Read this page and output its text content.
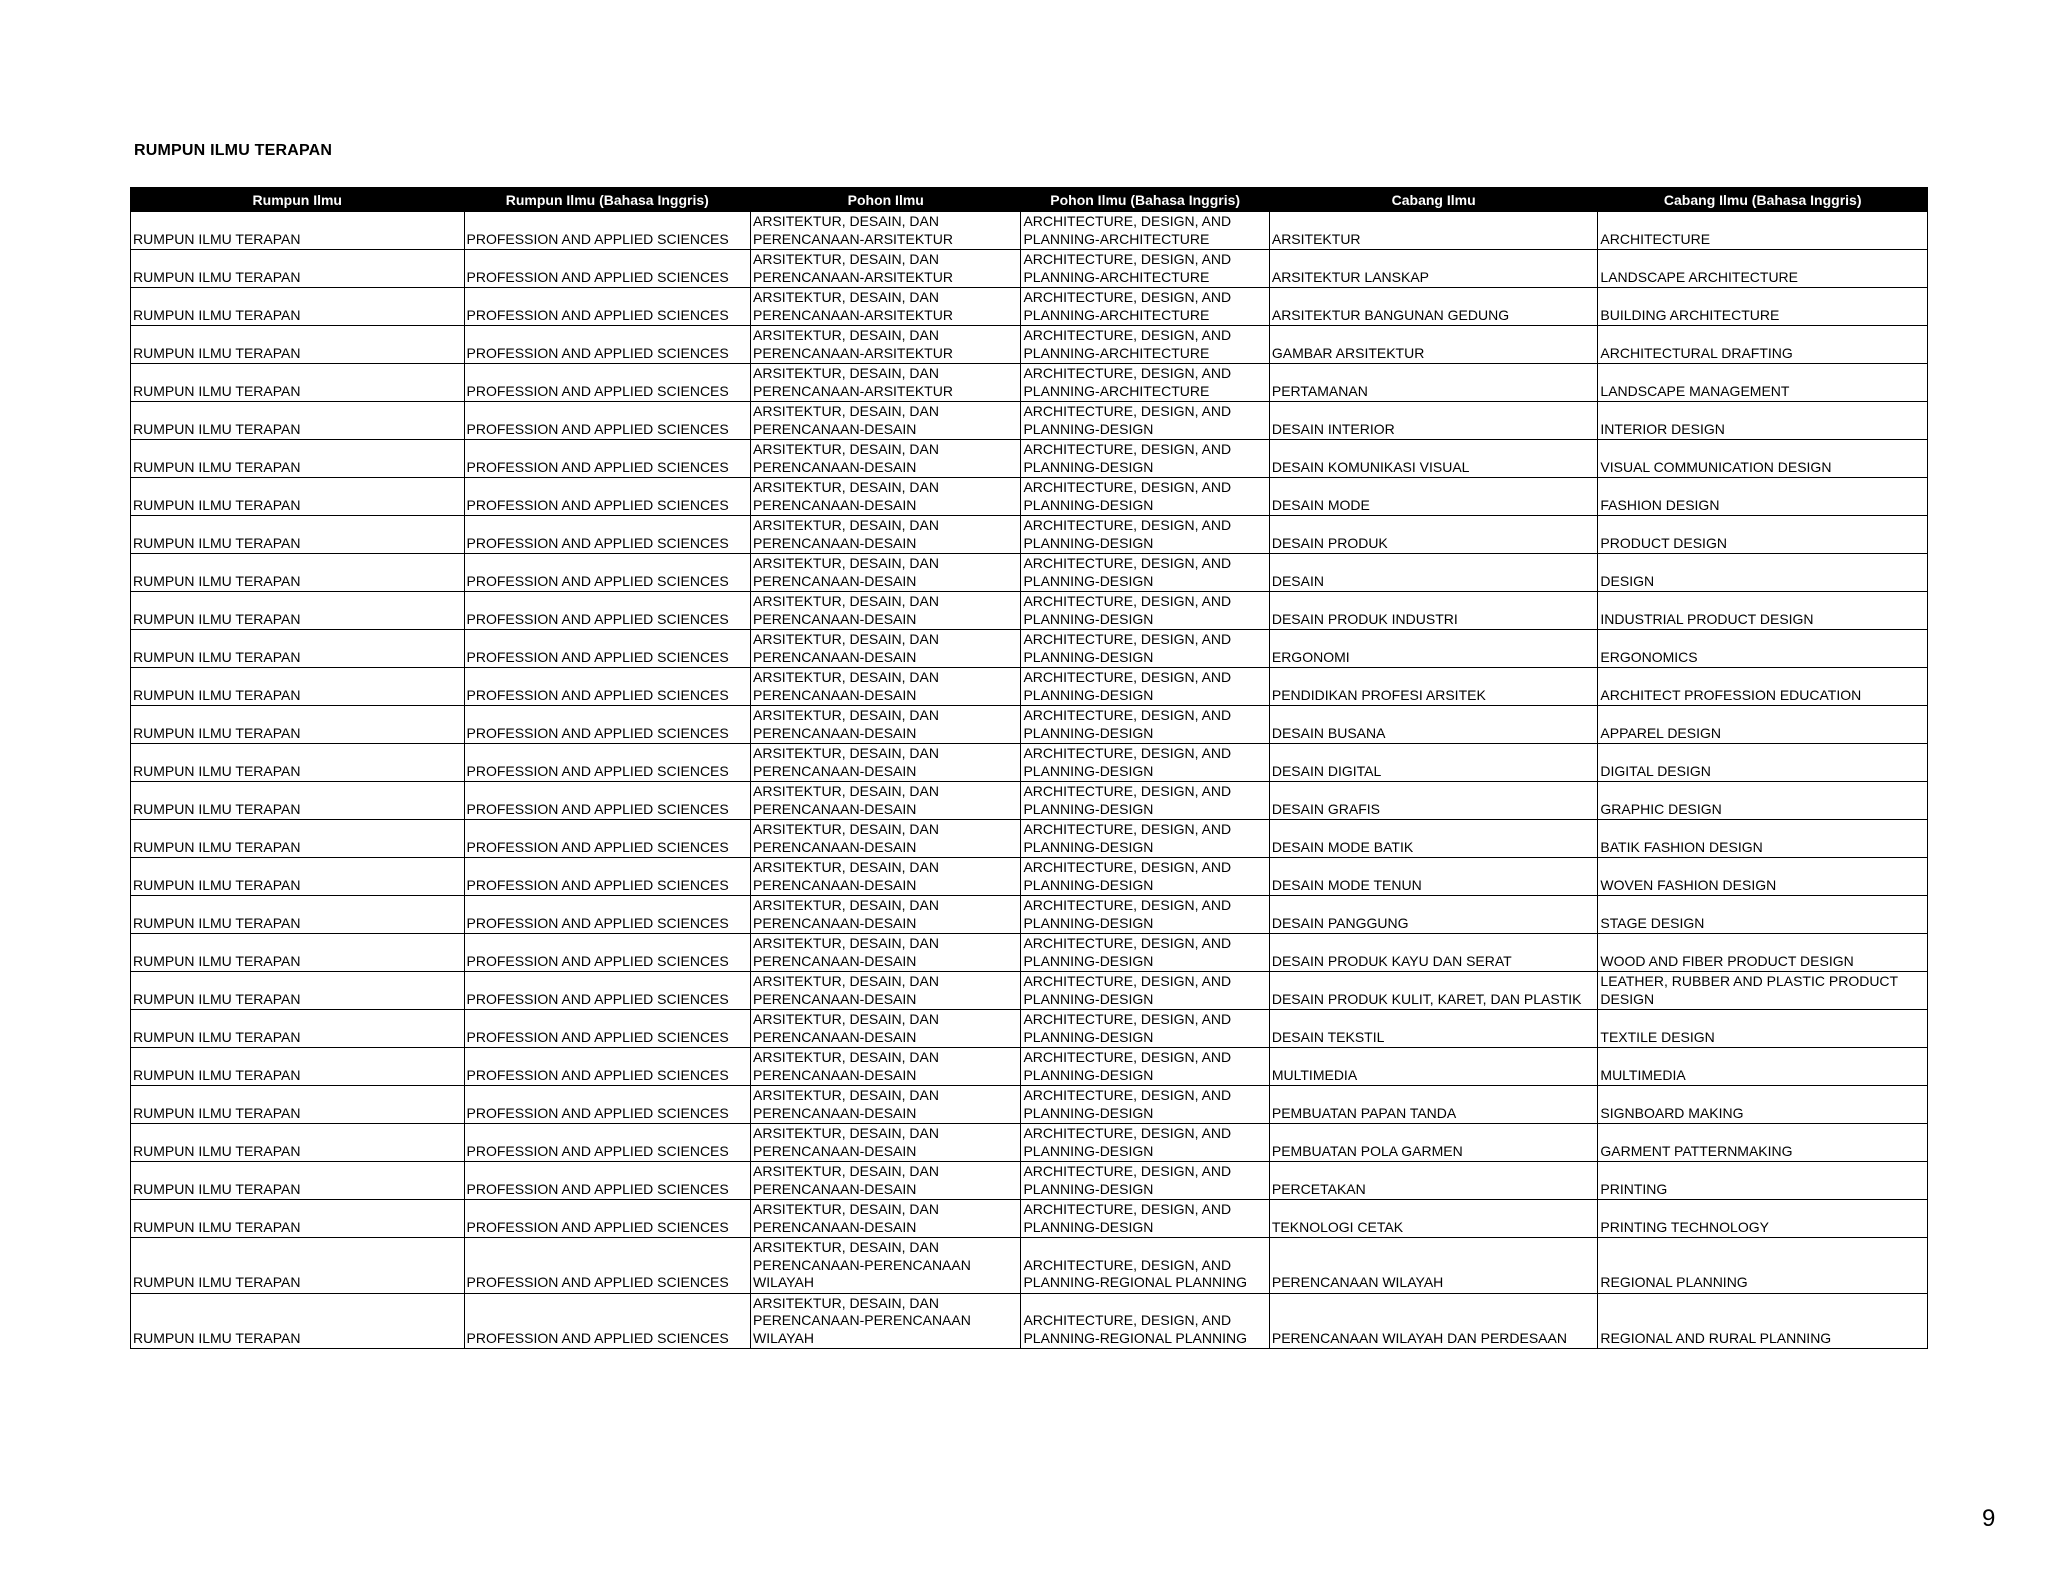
RUMPUN ILMU TERAPAN
Rumpun Ilmu	Rumpun Ilmu (Bahasa Inggris)	Pohon Ilmu	Pohon Ilmu (Bahasa Inggris)	Cabang Ilmu	Cabang Ilmu (Bahasa Inggris)
RUMPUN ILMU TERAPAN	PROFESSION AND APPLIED SCIENCES	ARSITEKTUR, DESAIN, DAN PERENCANAAN-ARSITEKTUR	ARCHITECTURE, DESIGN, AND PLANNING-ARCHITECTURE	ARSITEKTUR	ARCHITECTURE
RUMPUN ILMU TERAPAN	PROFESSION AND APPLIED SCIENCES	ARSITEKTUR, DESAIN, DAN PERENCANAAN-ARSITEKTUR	ARCHITECTURE, DESIGN, AND PLANNING-ARCHITECTURE	ARSITEKTUR LANSKAP	LANDSCAPE ARCHITECTURE
RUMPUN ILMU TERAPAN	PROFESSION AND APPLIED SCIENCES	ARSITEKTUR, DESAIN, DAN PERENCANAAN-ARSITEKTUR	ARCHITECTURE, DESIGN, AND PLANNING-ARCHITECTURE	ARSITEKTUR BANGUNAN GEDUNG	BUILDING ARCHITECTURE
RUMPUN ILMU TERAPAN	PROFESSION AND APPLIED SCIENCES	ARSITEKTUR, DESAIN, DAN PERENCANAAN-ARSITEKTUR	ARCHITECTURE, DESIGN, AND PLANNING-ARCHITECTURE	GAMBAR ARSITEKTUR	ARCHITECTURAL DRAFTING
RUMPUN ILMU TERAPAN	PROFESSION AND APPLIED SCIENCES	ARSITEKTUR, DESAIN, DAN PERENCANAAN-ARSITEKTUR	ARCHITECTURE, DESIGN, AND PLANNING-ARCHITECTURE	PERTAMANAN	LANDSCAPE MANAGEMENT
RUMPUN ILMU TERAPAN	PROFESSION AND APPLIED SCIENCES	ARSITEKTUR, DESAIN, DAN PERENCANAAN-DESAIN	ARCHITECTURE, DESIGN, AND PLANNING-DESIGN	DESAIN INTERIOR	INTERIOR DESIGN
RUMPUN ILMU TERAPAN	PROFESSION AND APPLIED SCIENCES	ARSITEKTUR, DESAIN, DAN PERENCANAAN-DESAIN	ARCHITECTURE, DESIGN, AND PLANNING-DESIGN	DESAIN KOMUNIKASI VISUAL	VISUAL COMMUNICATION DESIGN
RUMPUN ILMU TERAPAN	PROFESSION AND APPLIED SCIENCES	ARSITEKTUR, DESAIN, DAN PERENCANAAN-DESAIN	ARCHITECTURE, DESIGN, AND PLANNING-DESIGN	DESAIN MODE	FASHION DESIGN
RUMPUN ILMU TERAPAN	PROFESSION AND APPLIED SCIENCES	ARSITEKTUR, DESAIN, DAN PERENCANAAN-DESAIN	ARCHITECTURE, DESIGN, AND PLANNING-DESIGN	DESAIN PRODUK	PRODUCT DESIGN
RUMPUN ILMU TERAPAN	PROFESSION AND APPLIED SCIENCES	ARSITEKTUR, DESAIN, DAN PERENCANAAN-DESAIN	ARCHITECTURE, DESIGN, AND PLANNING-DESIGN	DESAIN	DESIGN
RUMPUN ILMU TERAPAN	PROFESSION AND APPLIED SCIENCES	ARSITEKTUR, DESAIN, DAN PERENCANAAN-DESAIN	ARCHITECTURE, DESIGN, AND PLANNING-DESIGN	DESAIN PRODUK INDUSTRI	INDUSTRIAL PRODUCT DESIGN
RUMPUN ILMU TERAPAN	PROFESSION AND APPLIED SCIENCES	ARSITEKTUR, DESAIN, DAN PERENCANAAN-DESAIN	ARCHITECTURE, DESIGN, AND PLANNING-DESIGN	ERGONOMI	ERGONOMICS
RUMPUN ILMU TERAPAN	PROFESSION AND APPLIED SCIENCES	ARSITEKTUR, DESAIN, DAN PERENCANAAN-DESAIN	ARCHITECTURE, DESIGN, AND PLANNING-DESIGN	PENDIDIKAN PROFESI ARSITEK	ARCHITECT PROFESSION EDUCATION
RUMPUN ILMU TERAPAN	PROFESSION AND APPLIED SCIENCES	ARSITEKTUR, DESAIN, DAN PERENCANAAN-DESAIN	ARCHITECTURE, DESIGN, AND PLANNING-DESIGN	DESAIN BUSANA	APPAREL DESIGN
RUMPUN ILMU TERAPAN	PROFESSION AND APPLIED SCIENCES	ARSITEKTUR, DESAIN, DAN PERENCANAAN-DESAIN	ARCHITECTURE, DESIGN, AND PLANNING-DESIGN	DESAIN DIGITAL	DIGITAL DESIGN
RUMPUN ILMU TERAPAN	PROFESSION AND APPLIED SCIENCES	ARSITEKTUR, DESAIN, DAN PERENCANAAN-DESAIN	ARCHITECTURE, DESIGN, AND PLANNING-DESIGN	DESAIN GRAFIS	GRAPHIC DESIGN
RUMPUN ILMU TERAPAN	PROFESSION AND APPLIED SCIENCES	ARSITEKTUR, DESAIN, DAN PERENCANAAN-DESAIN	ARCHITECTURE, DESIGN, AND PLANNING-DESIGN	DESAIN MODE BATIK	BATIK FASHION DESIGN
RUMPUN ILMU TERAPAN	PROFESSION AND APPLIED SCIENCES	ARSITEKTUR, DESAIN, DAN PERENCANAAN-DESAIN	ARCHITECTURE, DESIGN, AND PLANNING-DESIGN	DESAIN MODE TENUN	WOVEN FASHION DESIGN
RUMPUN ILMU TERAPAN	PROFESSION AND APPLIED SCIENCES	ARSITEKTUR, DESAIN, DAN PERENCANAAN-DESAIN	ARCHITECTURE, DESIGN, AND PLANNING-DESIGN	DESAIN PANGGUNG	STAGE DESIGN
RUMPUN ILMU TERAPAN	PROFESSION AND APPLIED SCIENCES	ARSITEKTUR, DESAIN, DAN PERENCANAAN-DESAIN	ARCHITECTURE, DESIGN, AND PLANNING-DESIGN	DESAIN PRODUK KAYU DAN SERAT	WOOD AND FIBER PRODUCT DESIGN
RUMPUN ILMU TERAPAN	PROFESSION AND APPLIED SCIENCES	ARSITEKTUR, DESAIN, DAN PERENCANAAN-DESAIN	ARCHITECTURE, DESIGN, AND PLANNING-DESIGN	DESAIN PRODUK KULIT, KARET, DAN PLASTIK	LEATHER, RUBBER AND PLASTIC PRODUCT DESIGN
RUMPUN ILMU TERAPAN	PROFESSION AND APPLIED SCIENCES	ARSITEKTUR, DESAIN, DAN PERENCANAAN-DESAIN	ARCHITECTURE, DESIGN, AND PLANNING-DESIGN	DESAIN TEKSTIL	TEXTILE DESIGN
RUMPUN ILMU TERAPAN	PROFESSION AND APPLIED SCIENCES	ARSITEKTUR, DESAIN, DAN PERENCANAAN-DESAIN	ARCHITECTURE, DESIGN, AND PLANNING-DESIGN	MULTIMEDIA	MULTIMEDIA
RUMPUN ILMU TERAPAN	PROFESSION AND APPLIED SCIENCES	ARSITEKTUR, DESAIN, DAN PERENCANAAN-DESAIN	ARCHITECTURE, DESIGN, AND PLANNING-DESIGN	PEMBUATAN PAPAN TANDA	SIGNBOARD MAKING
RUMPUN ILMU TERAPAN	PROFESSION AND APPLIED SCIENCES	ARSITEKTUR, DESAIN, DAN PERENCANAAN-DESAIN	ARCHITECTURE, DESIGN, AND PLANNING-DESIGN	PEMBUATAN POLA GARMEN	GARMENT PATTERNMAKING
RUMPUN ILMU TERAPAN	PROFESSION AND APPLIED SCIENCES	ARSITEKTUR, DESAIN, DAN PERENCANAAN-DESAIN	ARCHITECTURE, DESIGN, AND PLANNING-DESIGN	PERCETAKAN	PRINTING
RUMPUN ILMU TERAPAN	PROFESSION AND APPLIED SCIENCES	ARSITEKTUR, DESAIN, DAN PERENCANAAN-DESAIN	ARCHITECTURE, DESIGN, AND PLANNING-DESIGN	TEKNOLOGI CETAK	PRINTING TECHNOLOGY
RUMPUN ILMU TERAPAN	PROFESSION AND APPLIED SCIENCES	ARSITEKTUR, DESAIN, DAN PERENCANAAN-PERENCANAAN WILAYAH	ARCHITECTURE, DESIGN, AND PLANNING-REGIONAL PLANNING	PERENCANAAN WILAYAH	REGIONAL PLANNING
RUMPUN ILMU TERAPAN	PROFESSION AND APPLIED SCIENCES	ARSITEKTUR, DESAIN, DAN PERENCANAAN-PERENCANAAN WILAYAH	ARCHITECTURE, DESIGN, AND PLANNING-REGIONAL PLANNING	PERENCANAAN WILAYAH DAN PERDESAAN	REGIONAL AND RURAL PLANNING
9
